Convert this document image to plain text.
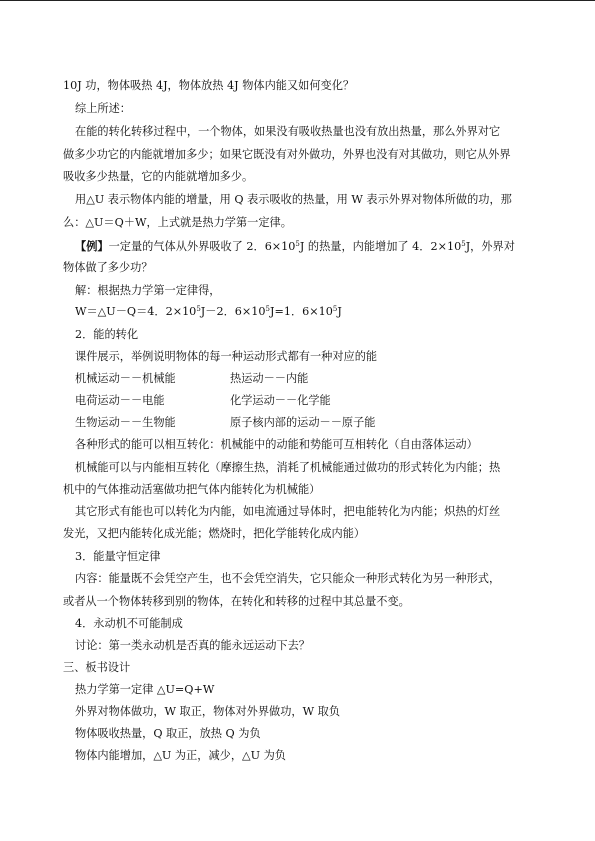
10J 功，物体吸热 4J，物体放热 4J 物体内能又如何变化？
综上所述：
在能的转化转移过程中，一个物体，如果没有吸收热量也没有放出热量，那么外界对它
做多少功它的内能就增加多少；如果它既没有对外做功，外界也没有对其做功，则它从外界
吸收多少热量，它的内能就增加多少。
用△U 表示物体内能的增量，用 Q 表示吸收的热量，用 W 表示外界对物体所做的功，那
么：△U＝Q＋W，上式就是热力学第一定律。
【例】一定量的气体从外界吸收了 2．$6\times 10^5J$ 的热量，内能增加了 4．$2\times 10^5J$，外界对
物体做了多少功？
解：根据热力学第一定律得，
W＝△U－Q＝4．$2\times 10^5J-2$．$6\times 10^5J=1$．$6\times 10^5J$
2．能的转化
课件展示，举例说明物体的每一种运动形式都有一种对应的能
机械运动－－机械能	热运动－－内能
电荷运动－－电能	化学运动－－化学能
生物运动－－生物能	原子核内部的运动－－原子能
各种形式的能可以相互转化：机械能中的动能和势能可互相转化（自由落体运动）
机械能可以与内能相互转化（摩擦生热，消耗了机械能通过做功的形式转化为内能；热
机中的气体推动活塞做功把气体内能转化为机械能）
其它形式有能也可以转化为内能，如电流通过导体时，把电能转化为内能；炽热的灯丝
发光，又把内能转化成光能；燃烧时，把化学能转化成内能）
3．能量守恒定律
内容：能量既不会凭空产生，也不会凭空消失，它只能众一种形式转化为另一种形式，
或者从一个物体转移到别的物体，在转化和转移的过程中其总量不变。
4．永动机不可能制成
讨论：第一类永动机是否真的能永远运动下去？
三、板书设计
热力学第一定律 △U=Q+W
外界对物体做功，W 取正，物体对外界做功，W 取负
物体吸收热量，Q 取正，放热 Q 为负
物体内能增加，△U 为正，减少，△U 为负
